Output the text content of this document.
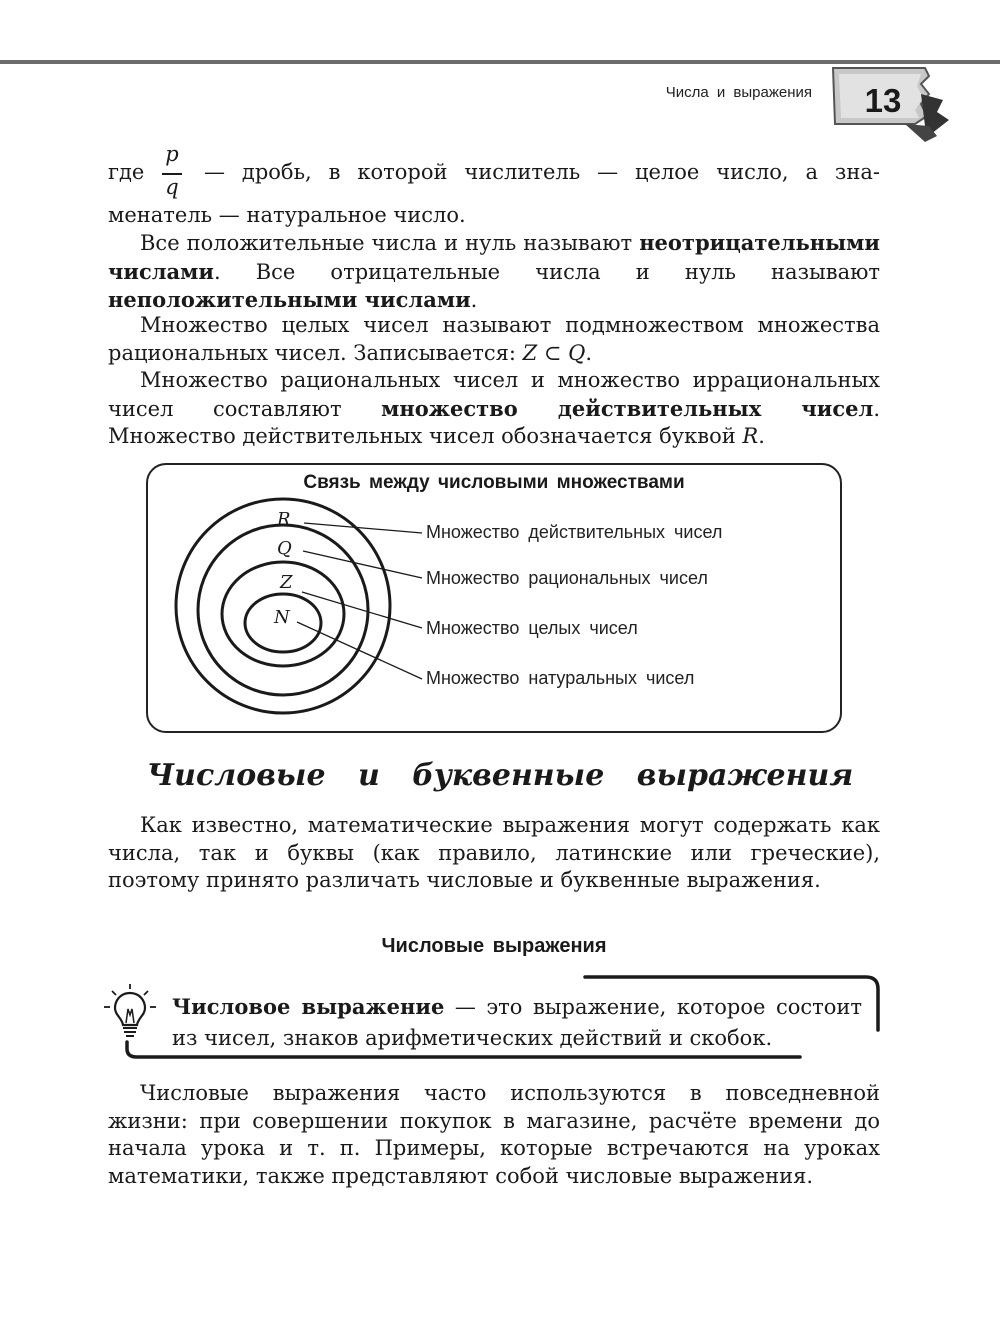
Числа и выражения	13
где
p
q
— дробь, в которой числитель — целое число, а зна-

менатель — натуральное число.

Все положительные числа и нуль называют неотрицательными числами. Все отрицательные числа и нуль называют неположительными числами.

Множество целых чисел называют подмножеством множества рациональных чисел. Записывается: Z ⊂ Q.

Множество рациональных чисел и множество иррациональных чисел составляют множество действительных чисел. Множество действительных чисел обозначается буквой R.

Связь между числовыми множествами
R
Q
Z
N
Множество действительных чисел
Множество рациональных чисел
Множество целых чисел
Множество натуральных чисел
Числовые и буквенные выражения

Как известно, математические выражения могут содержать как числа, так и буквы (как правило, латинские или греческие), поэтому принято различать числовые и буквенные выражения.

Числовые выражения

Числовое выражение — это выражение, которое состоит из чисел, знаков арифметических действий и скобок.

Числовые выражения часто используются в повседневной жизни: при совершении покупок в магазине, расчёте времени до начала урока и т. п. Примеры, которые встречаются на уроках математики, также представляют собой числовые выражения.
